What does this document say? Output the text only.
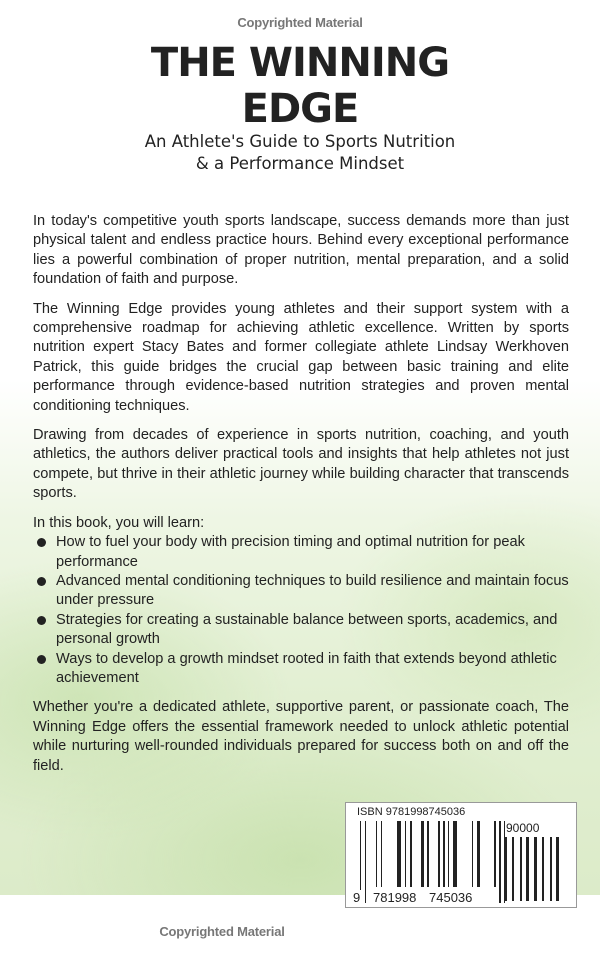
Copyrighted Material
THE WINNING
EDGE
An Athlete's Guide to Sports Nutrition
& a Performance Mindset

In today's competitive youth sports landscape, success demands more than just physical talent and endless practice hours. Behind every exceptional performance lies a powerful combination of proper nutrition, mental preparation, and a solid foundation of faith and purpose.

The Winning Edge provides young athletes and their support system with a comprehensive roadmap for achieving athletic excellence. Written by sports nutrition expert Stacy Bates and former collegiate athlete Lindsay Werkhoven Patrick, this guide bridges the crucial gap between basic training and elite performance through evidence-based nutrition strategies and proven mental conditioning techniques.

Drawing from decades of experience in sports nutrition, coaching, and youth athletics, the authors deliver practical tools and insights that help athletes not just compete, but thrive in their athletic journey while building character that transcends sports.

In this book, you will learn:
How to fuel your body with precision timing and optimal nutrition for peak performance
Advanced mental conditioning techniques to build resilience and maintain focus under pressure
Strategies for creating a sustainable balance between sports, academics, and personal growth
Ways to develop a growth mindset rooted in faith that extends beyond athletic achievement

Whether you're a dedicated athlete, supportive parent, or passionate coach, The Winning Edge offers the essential framework needed to unlock athletic potential while nurturing well-rounded individuals prepared for success both on and off the field.

ISBN 9781998745036
90000
9 781998 745036
Copyrighted Material
